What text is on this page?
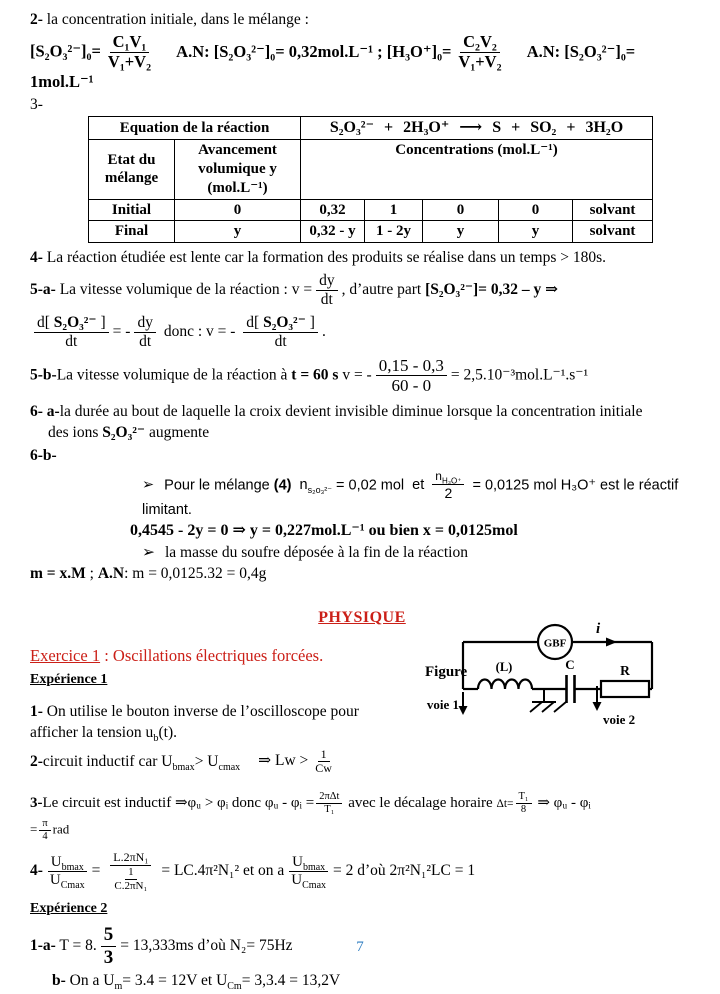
2- la concentration initiale, dans le mélange :
$[S_2O_3^{2-}]_0= \frac{\text{C₁V₁}}{\text{V₁+V₂}} A.N$: [S₂O₃²⁻]₀= 0,32mol.L⁻¹ ; $[H_3O^+]_0= \frac{\text{C₂V₂}}{\text{V₁+V₂}} A.N$: [S₂O₃²⁻]₀= 1mol.L⁻¹
3-
Equation de la réaction		S₂O₃²⁻ + 2H₃O⁺ ⟶ S + SO₂ + 3H₂O				
Etat du mélange	Avancement volumique y (mol.L⁻¹)	Concentrations (mol.L⁻¹)				
Initial	0	0,32	1	0	0	solvant
Final	y	0,32 - y	1 - 2y	y	y	solvant
4- La réaction étudiée est lente car la formation des produits se réalise dans un temps > 180s.
5-a- La vitesse volumique de la réaction : $v = \frac{dy}{dt}$ , d’autre part [S₂O₃²⁻]= 0,32 – y ⇒
$\frac{\text{d[ S₂O₃²⁻ ]}}{dt}$ = - $\frac{dy}{dt}$ donc : v = - $\frac{\text{d[ S₂O₃²⁻ ]}}{dt}$ .
5-b-La vitesse volumique de la réaction à t = 60 s v = - $\frac{0,15 - 0,3}{60 - 0} = 2,5.10^{-3}mol.L^{-1}.s^{-1}$
6- a-la durée au bout de laquelle la croix devient invisible diminue lorsque la concentration initiale
des ions S₂O₃²⁻ augmente
6-b-
➢ Pour le mélange (4) $n_{s_2o_3^{2-}} = 0,02$ mol et $\frac{n_{H_3O^+}}{2} = 0,0125$ mol H₃O⁺ est le réactif limitant.
0,4545 - 2y = 0 ⇒ y = 0,227mol.L⁻¹ ou bien x = 0,0125mol
➢ la masse du soufre déposée à la fin de la réaction
m = x.M ; A.N: m = 0,0125.32 = 0,4g
PHYSIQUE
Exercice 1 : Oscillations électriques forcées.
Expérience 1
1- On utilise le bouton inverse de l’oscilloscope pour
afficher la tension $u_b(t)$.
2-circuit inductif car $U_{bmax}> U_{cmax}$ ⇒ $Lw > \frac{1}{Cw}$
GBF
i
Figure (L)	C	R
voie 1
voie 2
3-Le circuit est inductif ⇒φᵤ > φᵢ donc φᵤ - φᵢ = $\frac{\text{2πΔt}}{\text{T₁}}$ avec le décalage horaire $\Delta t= \frac{\text{T₁}}{8}$ ⇒ φᵤ - φᵢ
= $\frac{\pi}{4}$ rad
$4- \frac{U_{bmax}}{U_{Cmax}} = \frac{\text{L.2πN₁}}{\frac{1}{\text{C.2πN₁}}} = LC.4\pi^2N_1^2$ et on a $\frac{U_{bmax}}{U_{Cmax}} = 2$ d’où 2π²N₁²LC = 1
Expérience 2
1-a- T = 8. $\frac{5}{3} = 13,333ms$ d’où N₂= 75Hz
b- On a $U_m= 3.4 = 12V$ et $U_{Cm}= 3,3.4 = 13,2V$
7
